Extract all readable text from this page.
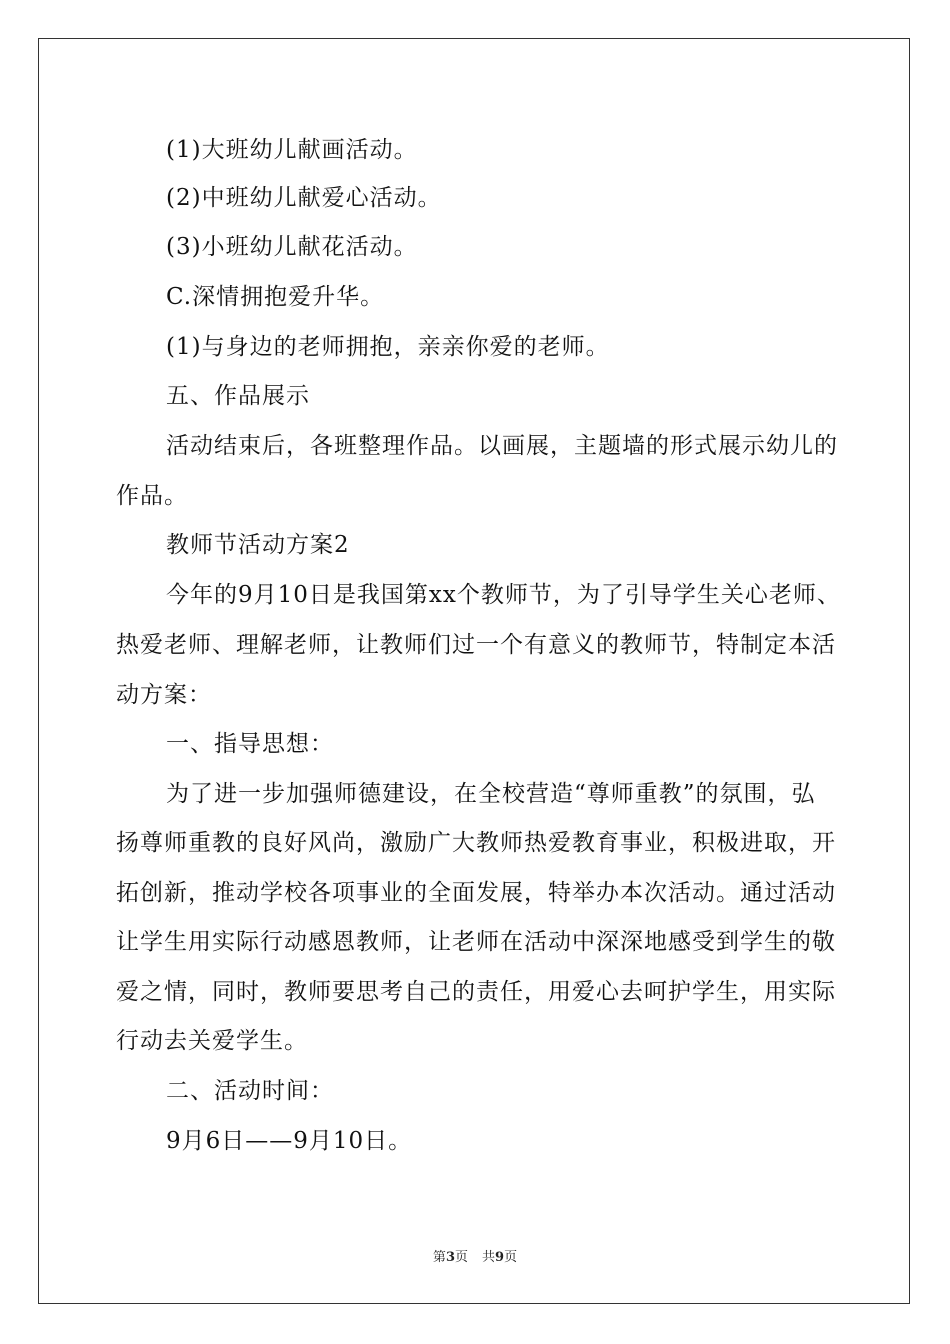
(1)大班幼儿献画活动。
(2)中班幼儿献爱心活动。
(3)小班幼儿献花活动。
C.深情拥抱爱升华。
(1)与身边的老师拥抱，亲亲你爱的老师。
五、作品展示
活动结束后，各班整理作品。以画展，主题墙的形式展示幼儿的
作品。
教师节活动方案2
今年的9月10日是我国第xx个教师节，为了引导学生关心老师、
热爱老师、理解老师，让教师们过一个有意义的教师节，特制定本活
动方案：
一、指导思想：
为了进一步加强师德建设，在全校营造“尊师重教”的氛围，弘
扬尊师重教的良好风尚，激励广大教师热爱教育事业，积极进取，开
拓创新，推动学校各项事业的全面发展，特举办本次活动。通过活动
让学生用实际行动感恩教师，让老师在活动中深深地感受到学生的敬
爱之情，同时，教师要思考自己的责任，用爱心去呵护学生，用实际
行动去关爱学生。
二、活动时间：
9月6日——9月10日。
第3页 共9页
